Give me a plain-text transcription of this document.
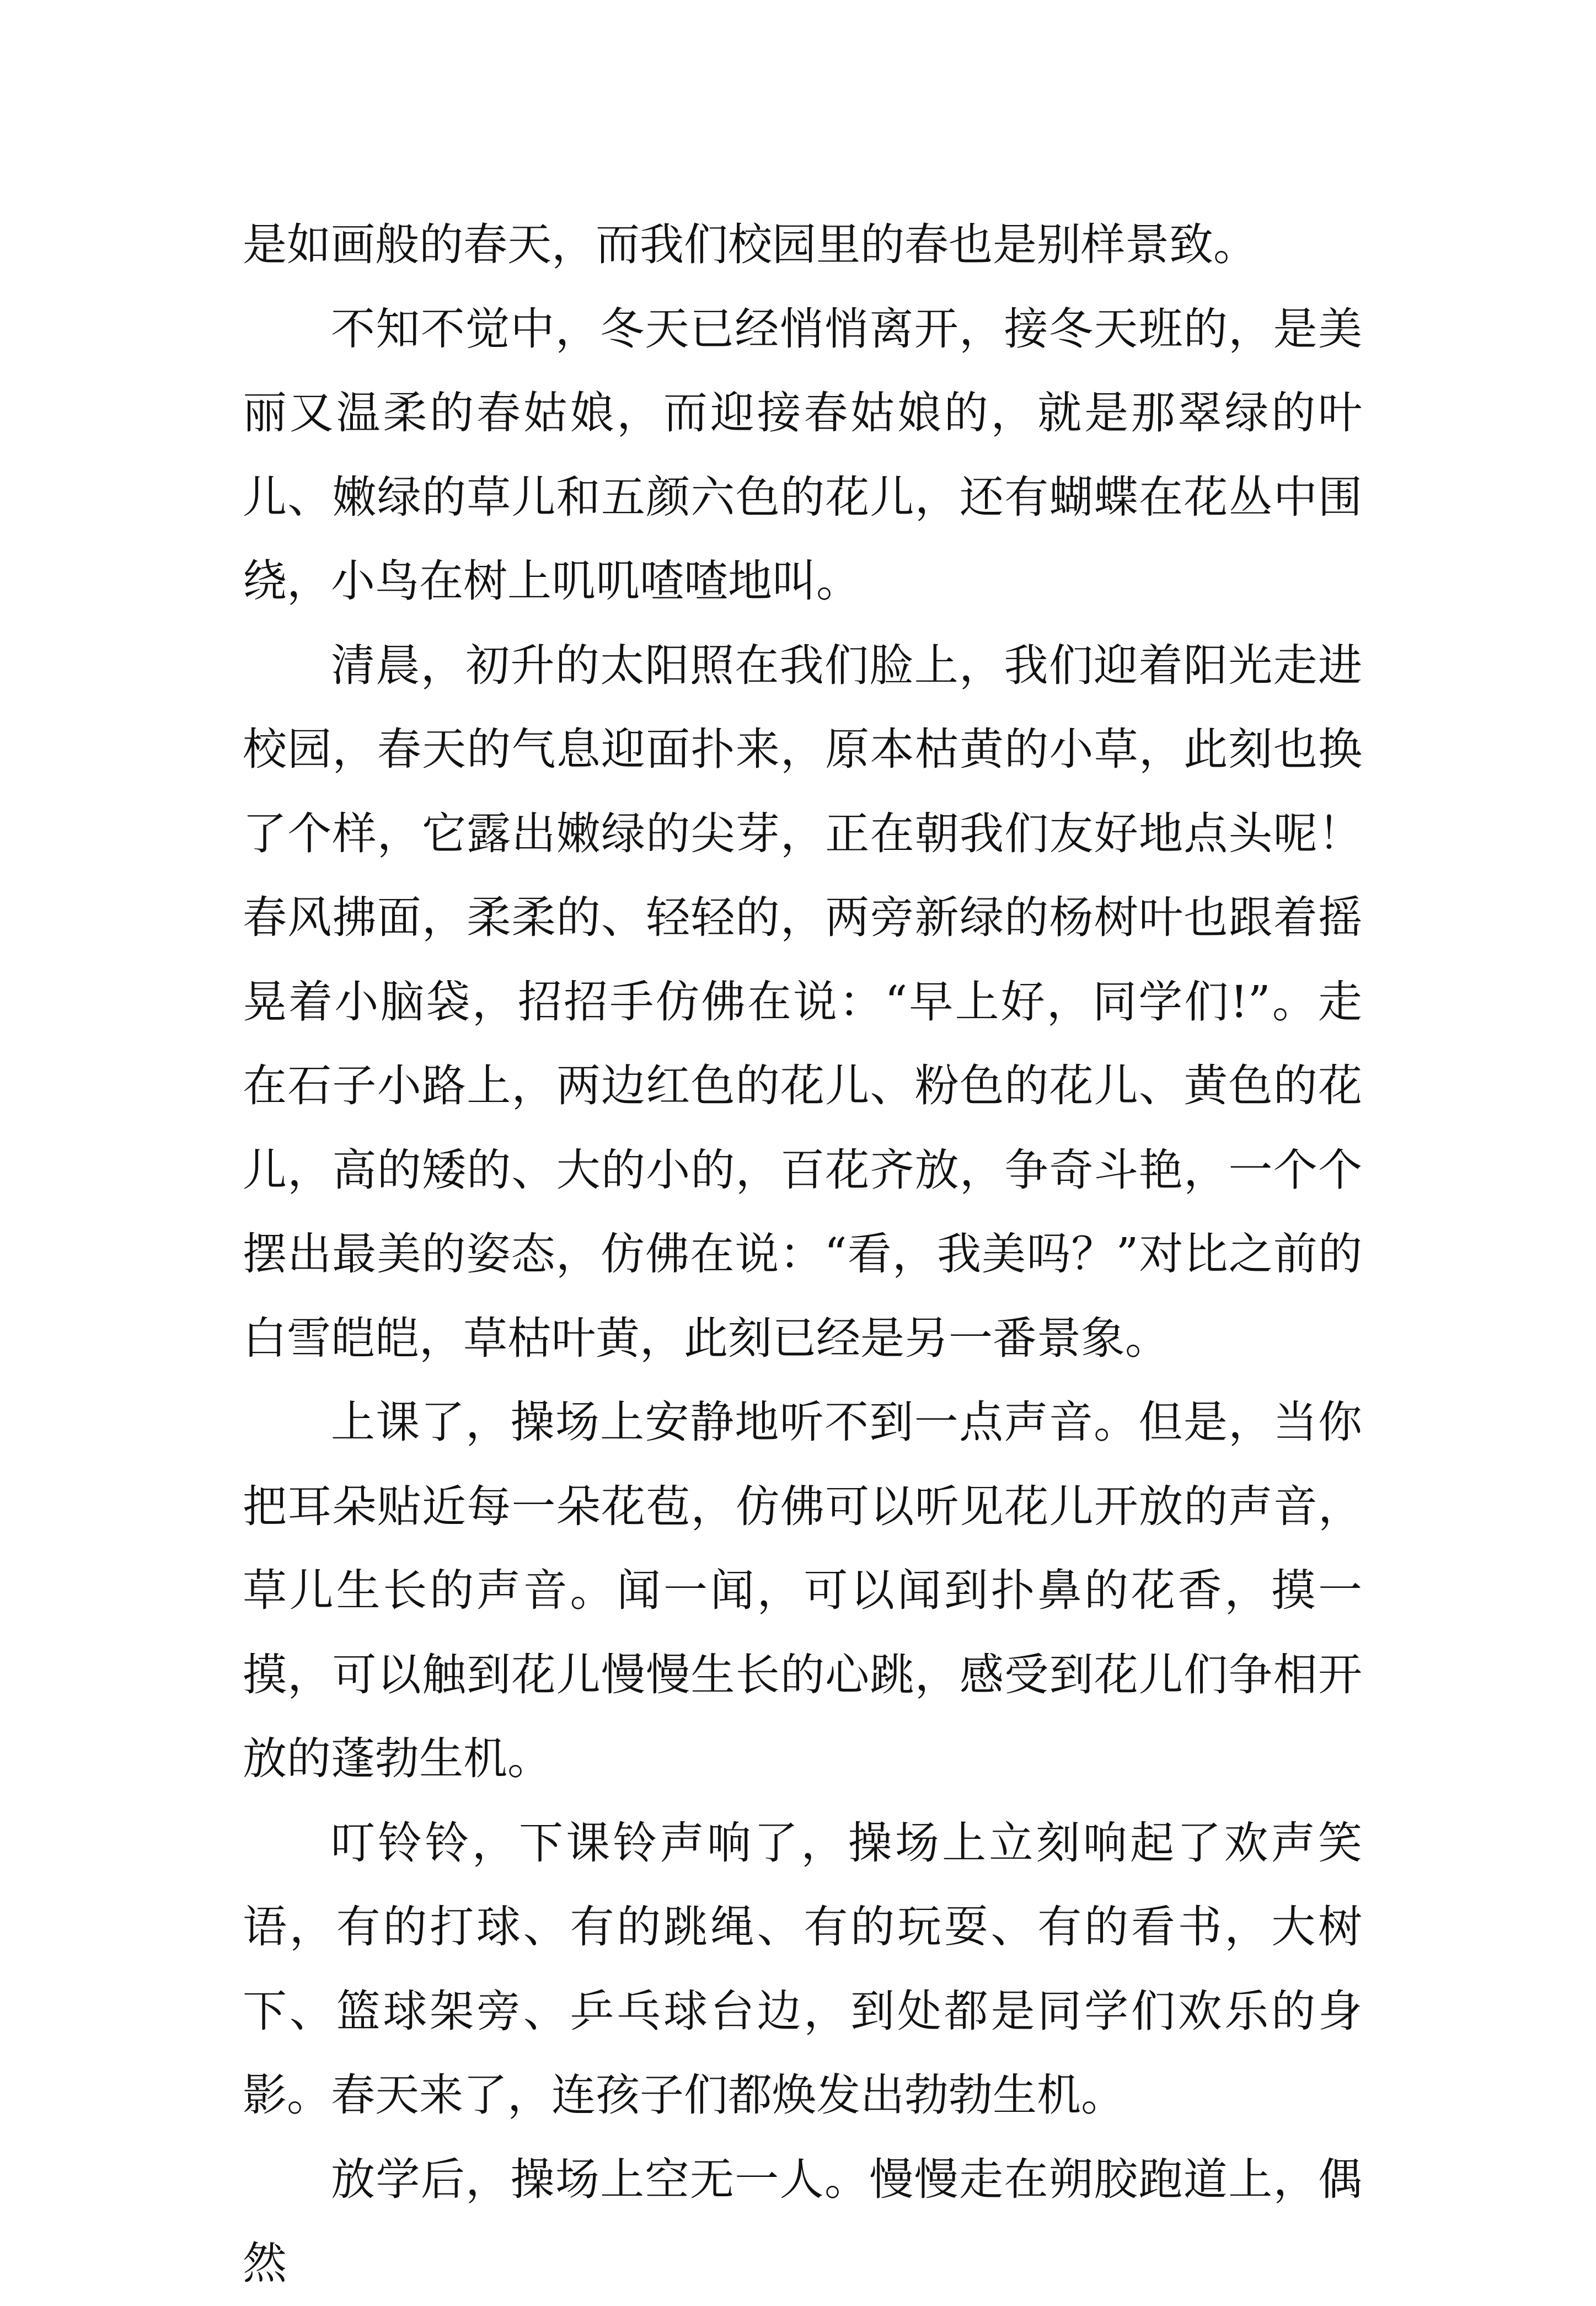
是如画般的春天，而我们校园里的春也是别样景致。

不知不觉中，冬天已经悄悄离开，接冬天班的，是美丽又温柔的春姑娘，而迎接春姑娘的，就是那翠绿的叶儿、嫩绿的草儿和五颜六色的花儿，还有蝴蝶在花丛中围绕，小鸟在树上叽叽喳喳地叫。

清晨，初升的太阳照在我们脸上，我们迎着阳光走进校园，春天的气息迎面扑来，原本枯黄的小草，此刻也换了个样，它露出嫩绿的尖芽，正在朝我们友好地点头呢！春风拂面，柔柔的、轻轻的，两旁新绿的杨树叶也跟着摇晃着小脑袋，招招手仿佛在说：“早上好，同学们!”。走在石子小路上，两边红色的花儿、粉色的花儿、黄色的花儿，高的矮的、大的小的，百花齐放，争奇斗艳，一个个摆出最美的姿态，仿佛在说：“看，我美吗？”对比之前的白雪皑皑，草枯叶黄，此刻已经是另一番景象。

上课了，操场上安静地听不到一点声音。但是，当你把耳朵贴近每一朵花苞，仿佛可以听见花儿开放的声音，草儿生长的声音。闻一闻，可以闻到扑鼻的花香，摸一摸，可以触到花儿慢慢生长的心跳，感受到花儿们争相开放的蓬勃生机。

叮铃铃，下课铃声响了，操场上立刻响起了欢声笑语，有的打球、有的跳绳、有的玩耍、有的看书，大树下、篮球架旁、乒乓球台边，到处都是同学们欢乐的身影。春天来了，连孩子们都焕发出勃勃生机。

放学后，操场上空无一人。慢慢走在朔胶跑道上，偶然
